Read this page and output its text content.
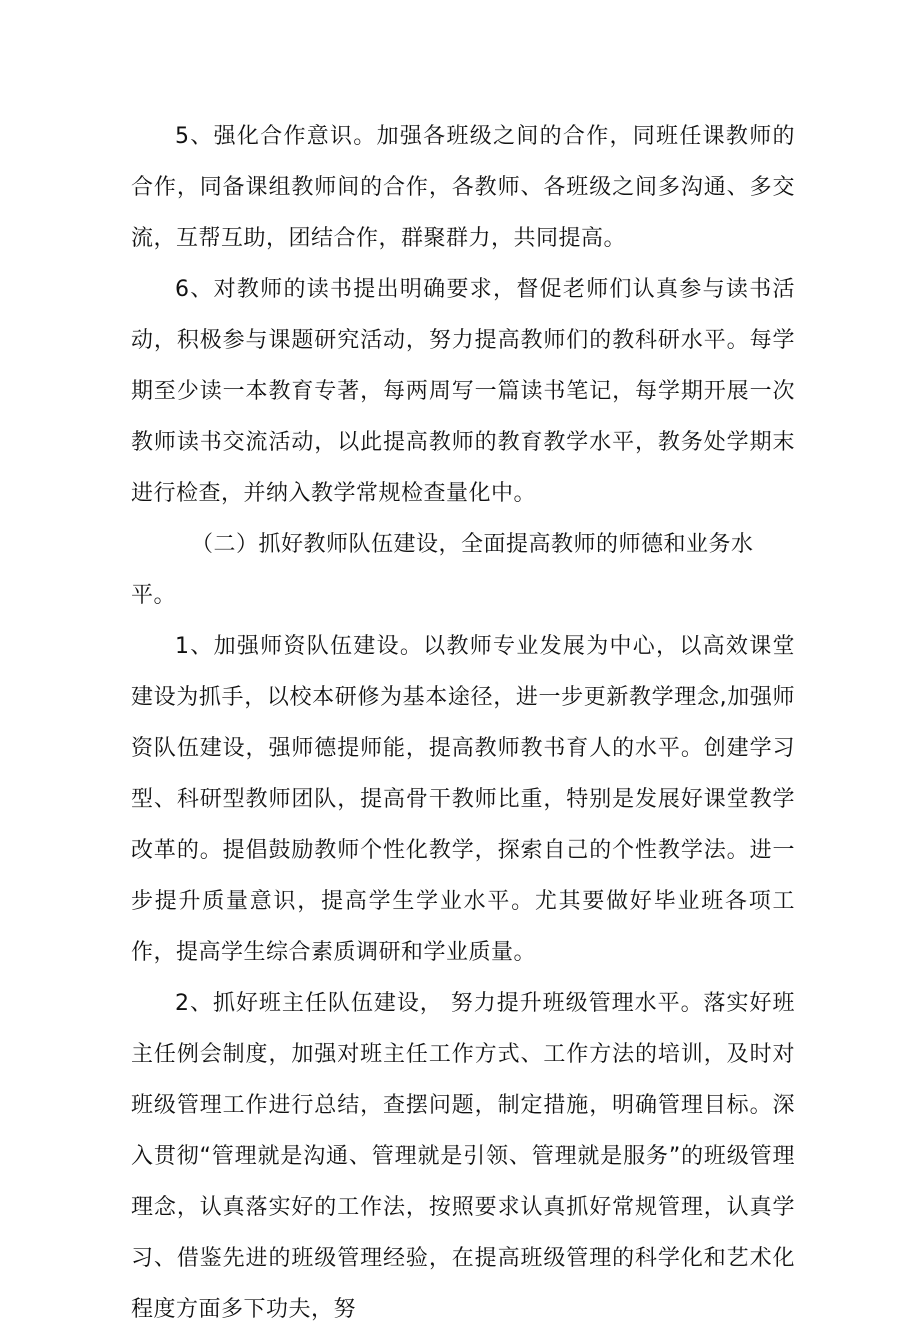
5、强化合作意识。加强各班级之间的合作，同班任课教师的合作，同备课组教师间的合作，各教师、各班级之间多沟通、多交流，互帮互助，团结合作，群聚群力，共同提高。

6、对教师的读书提出明确要求，督促老师们认真参与读书活动，积极参与课题研究活动，努力提高教师们的教科研水平。每学期至少读一本教育专著，每两周写一篇读书笔记，每学期开展一次教师读书交流活动，以此提高教师的教育教学水平，教务处学期末进行检查，并纳入教学常规检查量化中。

（二）抓好教师队伍建设，全面提高教师的师德和业务水平。

1、加强师资队伍建设。以教师专业发展为中心，以高效课堂建设为抓手，以校本研修为基本途径，进一步更新教学理念,加强师资队伍建设，强师德提师能，提高教师教书育人的水平。创建学习型、科研型教师团队，提高骨干教师比重，特别是发展好课堂教学改革的。提倡鼓励教师个性化教学，探索自己的个性教学法。进一步提升质量意识，提高学生学业水平。尤其要做好毕业班各项工作，提高学生综合素质调研和学业质量。

2、抓好班主任队伍建设， 努力提升班级管理水平。落实好班主任例会制度，加强对班主任工作方式、工作方法的培训，及时对班级管理工作进行总结，查摆问题，制定措施，明确管理目标。深入贯彻“管理就是沟通、管理就是引领、管理就是服务”的班级管理理念，认真落实好的工作法，按照要求认真抓好常规管理，认真学习、借鉴先进的班级管理经验，在提高班级管理的科学化和艺术化程度方面多下功夫，努
